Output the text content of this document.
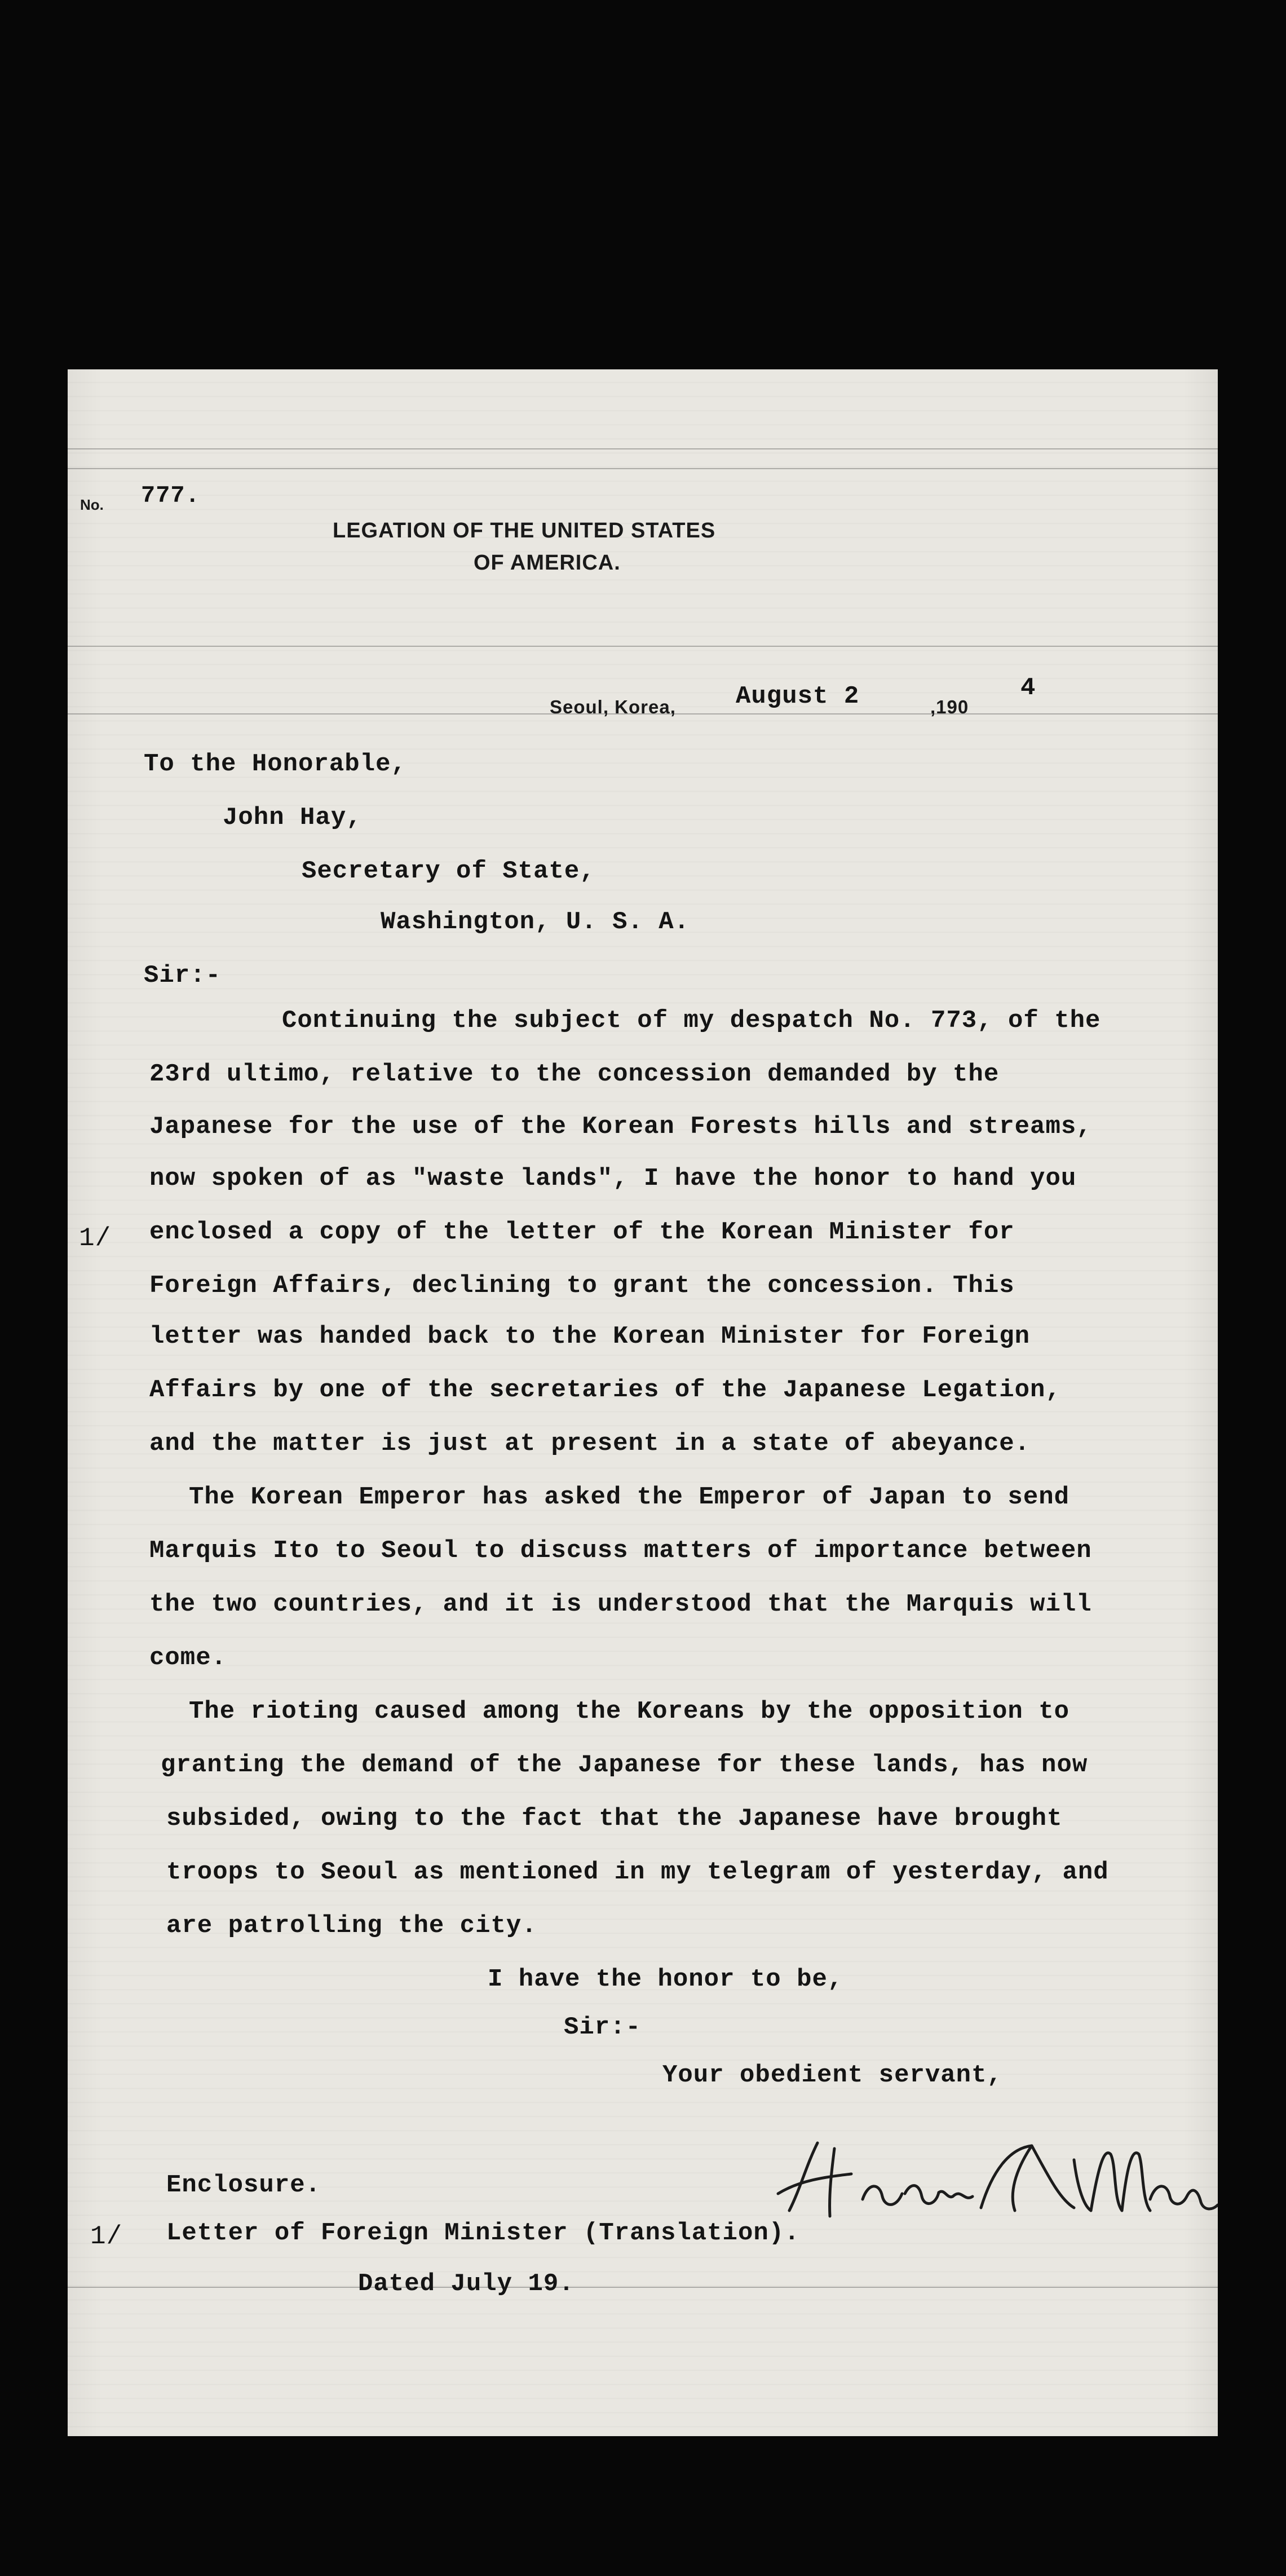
No. 777.
LEGATION OF THE UNITED STATES
OF AMERICA.
Seoul, Korea, August 2	,190
4
To the Honorable,
John Hay,
Secretary of State,
Washington, U. S. A.
Sir:-
Continuing the subject of my despatch No. 773, of the
23rd ultimo, relative to the concession demanded by the
Japanese for the use of the Korean Forests hills and streams,
now spoken of as "waste lands", I have the honor to hand you
enclosed a copy of the letter of the Korean Minister for
Foreign Affairs, declining to grant the concession. This
letter was handed back to the Korean Minister for Foreign
Affairs by one of the secretaries of the Japanese Legation,
and the matter is just at present in a state of abeyance.
1/
The Korean Emperor has asked the Emperor of Japan to send
Marquis Ito to Seoul to discuss matters of importance between
the two countries, and it is understood that the Marquis will
come.
The rioting caused among the Koreans by the opposition to
granting the demand of the Japanese for these lands, has now
subsided, owing to the fact that the Japanese have brought
troops to Seoul as mentioned in my telegram of yesterday, and
are patrolling the city.
I have the honor to be,
Sir:-
Your obedient servant,
Enclosure.
1/ Letter of Foreign Minister (Translation).
Dated July 19.
